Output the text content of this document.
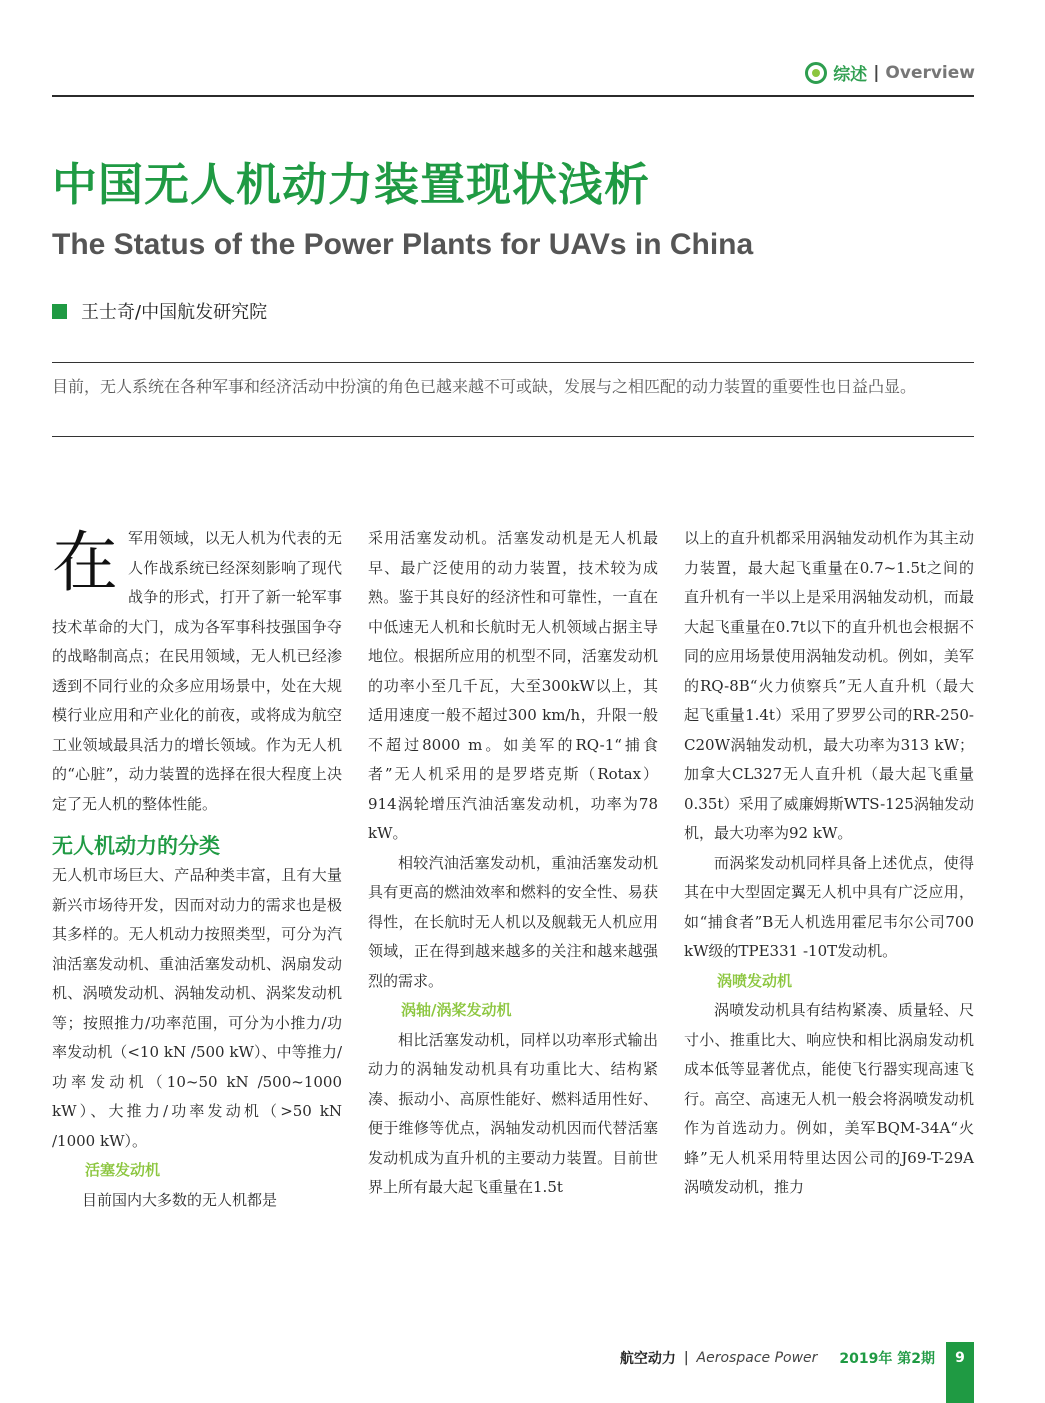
综述 | Overview
中国无人机动力装置现状浅析
The Status of the Power Plants for UAVs in China
王士奇/中国航发研究院

目前，无人系统在各种军事和经济活动中扮演的角色已越来越不可或缺，发展与之相匹配的动力装置的重要性也日益凸显。

在军用领域，以无人机为代表的无人作战系统已经深刻影响了现代战争的形式，打开了新一轮军事技术革命的大门，成为各军事科技强国争夺的战略制高点；在民用领域，无人机已经渗透到不同行业的众多应用场景中，处在大规模行业应用和产业化的前夜，或将成为航空工业领域最具活力的增长领域。作为无人机的“心脏”，动力装置的选择在很大程度上决定了无人机的整体性能。

无人机动力的分类

无人机市场巨大、产品种类丰富，且有大量新兴市场待开发，因而对动力的需求也是极其多样的。无人机动力按照类型，可分为汽油活塞发动机、重油活塞发动机、涡扇发动机、涡喷发动机、涡轴发动机、涡桨发动机等；按照推力/功率范围，可分为小推力/功率发动机（<10 kN /500 kW）、中等推力/功率发动机（10~50 kN /500~1000 kW）、大推力/功率发动机（>50 kN /1000 kW）。

活塞发动机

目前国内大多数的无人机都是

采用活塞发动机。活塞发动机是无人机最早、最广泛使用的动力装置，技术较为成熟。鉴于其良好的经济性和可靠性，一直在中低速无人机和长航时无人机领域占据主导地位。根据所应用的机型不同，活塞发动机的功率小至几千瓦，大至300kW以上，其适用速度一般不超过300 km/h，升限一般不超过8000 m。如美军的RQ-1“捕食者”无人机采用的是罗塔克斯（Rotax）914涡轮增压汽油活塞发动机，功率为78 kW。

相较汽油活塞发动机，重油活塞发动机具有更高的燃油效率和燃料的安全性、易获得性，在长航时无人机以及舰载无人机应用领域，正在得到越来越多的关注和越来越强烈的需求。

涡轴/涡桨发动机

相比活塞发动机，同样以功率形式输出动力的涡轴发动机具有功重比大、结构紧凑、振动小、高原性能好、燃料适用性好、便于维修等优点，涡轴发动机因而代替活塞发动机成为直升机的主要动力装置。目前世界上所有最大起飞重量在1.5t

以上的直升机都采用涡轴发动机作为其主动力装置，最大起飞重量在0.7~1.5t之间的直升机有一半以上是采用涡轴发动机，而最大起飞重量在0.7t以下的直升机也会根据不同的应用场景使用涡轴发动机。例如，美军的RQ-8B“火力侦察兵”无人直升机（最大起飞重量1.4t）采用了罗罗公司的RR-250-C20W涡轴发动机，最大功率为313 kW；加拿大CL327无人直升机（最大起飞重量0.35t）采用了威廉姆斯WTS-125涡轴发动机，最大功率为92 kW。

而涡桨发动机同样具备上述优点，使得其在中大型固定翼无人机中具有广泛应用，如“捕食者”B无人机选用霍尼韦尔公司700 kW级的TPE331 -10T发动机。

涡喷发动机

涡喷发动机具有结构紧凑、质量轻、尺寸小、推重比大、响应快和相比涡扇发动机成本低等显著优点，能使飞行器实现高速飞行。高空、高速无人机一般会将涡喷发动机作为首选动力。例如，美军BQM-34A“火蜂”无人机采用特里达因公司的J69-T-29A涡喷发动机，推力

航空动力 | Aerospace Power 2019年 第2期	9
